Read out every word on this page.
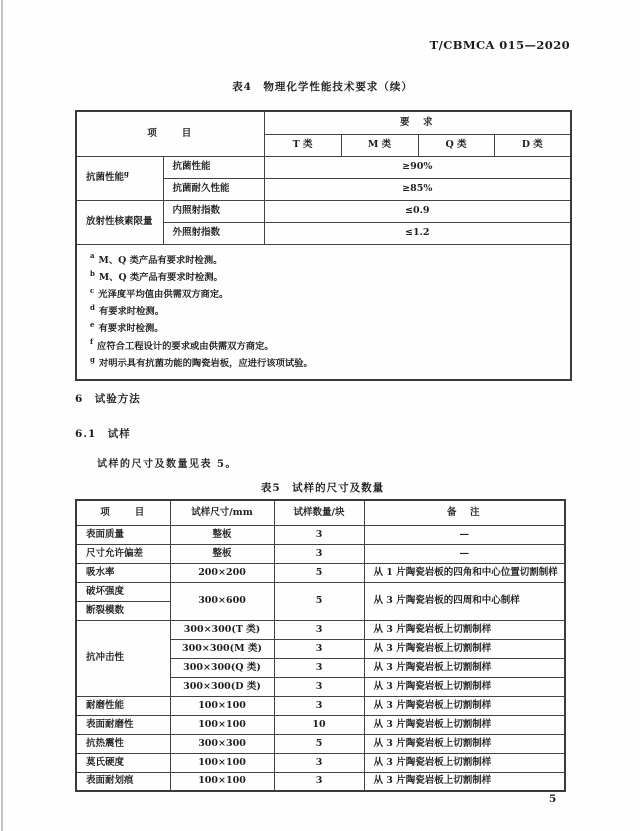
T/CBMCA 015—2020
表4　物理化学性能技术要求（续）
项　　目		要　求			
		T 类	M 类	Q 类	D 类
抗菌性能$^g$	抗菌性能	≥90%			
	抗菌耐久性能	≥85%			
放射性核素限量	内照射指数	≤0.9			
	外照射指数	≤1.2			

$^a$ M、Q 类产品有要求时检测。
$^b$ M、Q 类产品有要求时检测。
$^c$ 光泽度平均值由供需双方商定。
$^d$ 有要求时检测。
$^e$ 有要求时检测。
$^f$ 应符合工程设计的要求或由供需双方商定。
$^g$ 对明示具有抗菌功能的陶瓷岩板，应进行该项试验。
6　试验方法
6.1　试样
试样的尺寸及数量见表 5。
表5　试样的尺寸及数量
项　　目	试样尺寸/mm	试样数量/块	备　注
表面质量	整板	3	—
尺寸允许偏差	整板	3	—
吸水率	200×200	5	从 1 片陶瓷岩板的四角和中心位置切割制样
破坏强度	300×600	5	从 3 片陶瓷岩板的四周和中心制样
断裂模数			
抗冲击性	300×300(T 类)	3	从 3 片陶瓷岩板上切割制样
	300×300(M 类)	3	从 3 片陶瓷岩板上切割制样
	300×300(Q 类)	3	从 3 片陶瓷岩板上切割制样
	300×300(D 类)	3	从 3 片陶瓷岩板上切割制样
耐磨性能	100×100	3	从 3 片陶瓷岩板上切割制样
表面耐磨性	100×100	10	从 3 片陶瓷岩板上切割制样
抗热震性	300×300	5	从 3 片陶瓷岩板上切割制样
莫氏硬度	100×100	3	从 3 片陶瓷岩板上切割制样
表面耐划痕	100×100	3	从 3 片陶瓷岩板上切割制样
5
